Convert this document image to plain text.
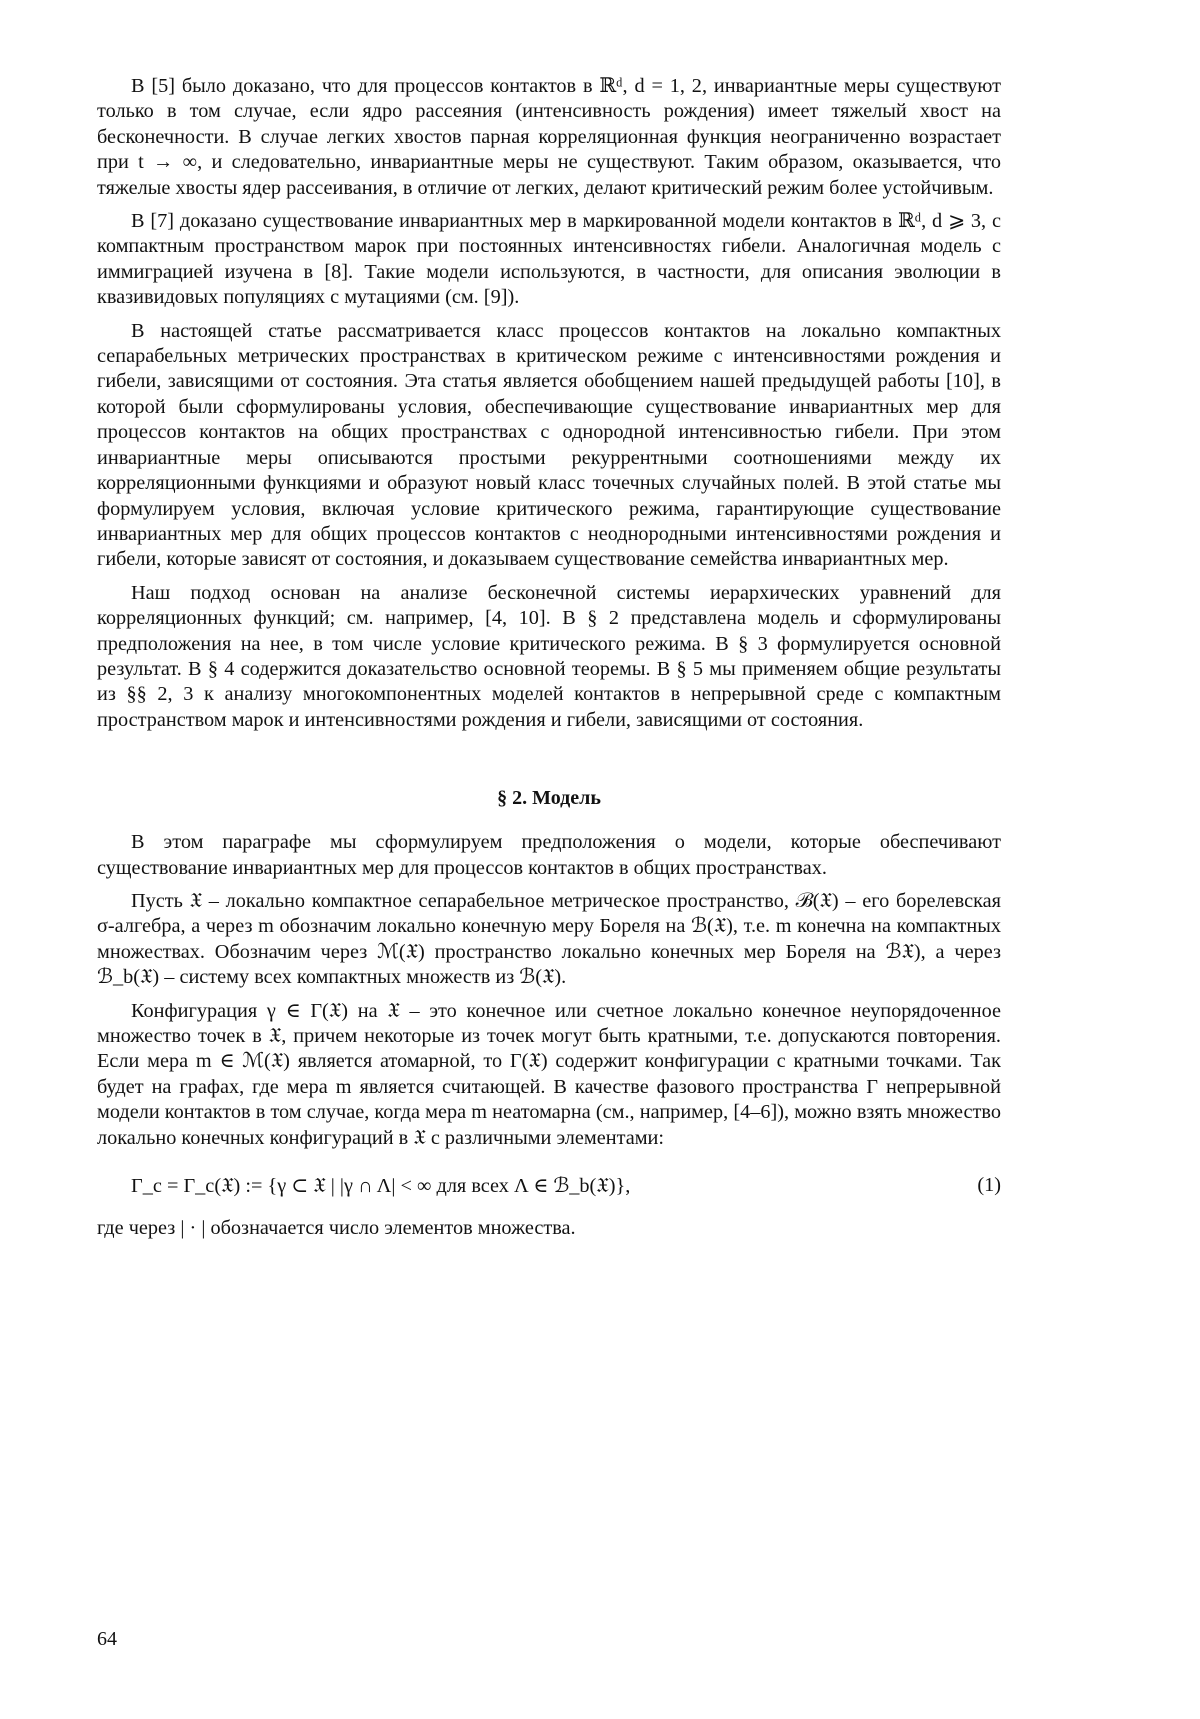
В [5] было доказано, что для процессов контактов в ℝᵈ, d = 1, 2, инвариантные меры существуют только в том случае, если ядро рассеяния (интенсивность рождения) имеет тяжелый хвост на бесконечности. В случае легких хвостов парная корреляционная функция неограниченно возрастает при t → ∞, и следовательно, инвариантные меры не существуют. Таким образом, оказывается, что тяжелые хвосты ядер рассеивания, в отличие от легких, делают критический режим более устойчивым.

В [7] доказано существование инвариантных мер в маркированной модели контактов в ℝᵈ, d ⩾ 3, с компактным пространством марок при постоянных интенсивностях гибели. Аналогичная модель с иммиграцией изучена в [8]. Такие модели используются, в частности, для описания эволюции в квазивидовых популяциях с мутациями (см. [9]).

В настоящей статье рассматривается класс процессов контактов на локально компактных сепарабельных метрических пространствах в критическом режиме с интенсивностями рождения и гибели, зависящими от состояния. Эта статья является обобщением нашей предыдущей работы [10], в которой были сформулированы условия, обеспечивающие существование инвариантных мер для процессов контактов на общих пространствах с однородной интенсивностью гибели. При этом инвариантные меры описываются простыми рекуррентными соотношениями между их корреляционными функциями и образуют новый класс точечных случайных полей. В этой статье мы формулируем условия, включая условие критического режима, гарантирующие существование инвариантных мер для общих процессов контактов с неоднородными интенсивностями рождения и гибели, которые зависят от состояния, и доказываем существование семейства инвариантных мер.

Наш подход основан на анализе бесконечной системы иерархических уравнений для корреляционных функций; см. например, [4, 10]. В § 2 представлена модель и сформулированы предположения на нее, в том числе условие критического режима. В § 3 формулируется основной результат. В § 4 содержится доказательство основной теоремы. В § 5 мы применяем общие результаты из §§ 2, 3 к анализу многокомпонентных моделей контактов в непрерывной среде с компактным пространством марок и интенсивностями рождения и гибели, зависящими от состояния.

§ 2. Модель

В этом параграфе мы сформулируем предположения о модели, которые обеспечивают существование инвариантных мер для процессов контактов в общих пространствах.

Пусть 𝔛 – локально компактное сепарабельное метрическое пространство, ℬ(𝔛) – его борелевская σ-алгебра, а через m обозначим локально конечную меру Бореля на ℬ(𝔛), т.е. m конечна на компактных множествах. Обозначим через ℳ(𝔛) пространство локально конечных мер Бореля на ℬ𝔛), а через ℬ_b(𝔛) – систему всех компактных множеств из ℬ(𝔛).

Конфигурация γ ∈ Γ(𝔛) на 𝔛 – это конечное или счетное локально конечное неупорядоченное множество точек в 𝔛, причем некоторые из точек могут быть кратными, т.е. допускаются повторения. Если мера m ∈ ℳ(𝔛) является атомарной, то Γ(𝔛) содержит конфигурации с кратными точками. Так будет на графах, где мера m является считающей. В качестве фазового пространства Γ непрерывной модели контактов в том случае, когда мера m неатомарна (см., например, [4–6]), можно взять множество локально конечных конфигураций в 𝔛 с различными элементами:

Γ_c = Γ_c(𝔛) := {γ ⊂ 𝔛 | |γ ∩ Λ| < ∞ для всех Λ ∈ ℬ_b(𝔛)},	(1)

где через | · | обозначается число элементов множества.

64
